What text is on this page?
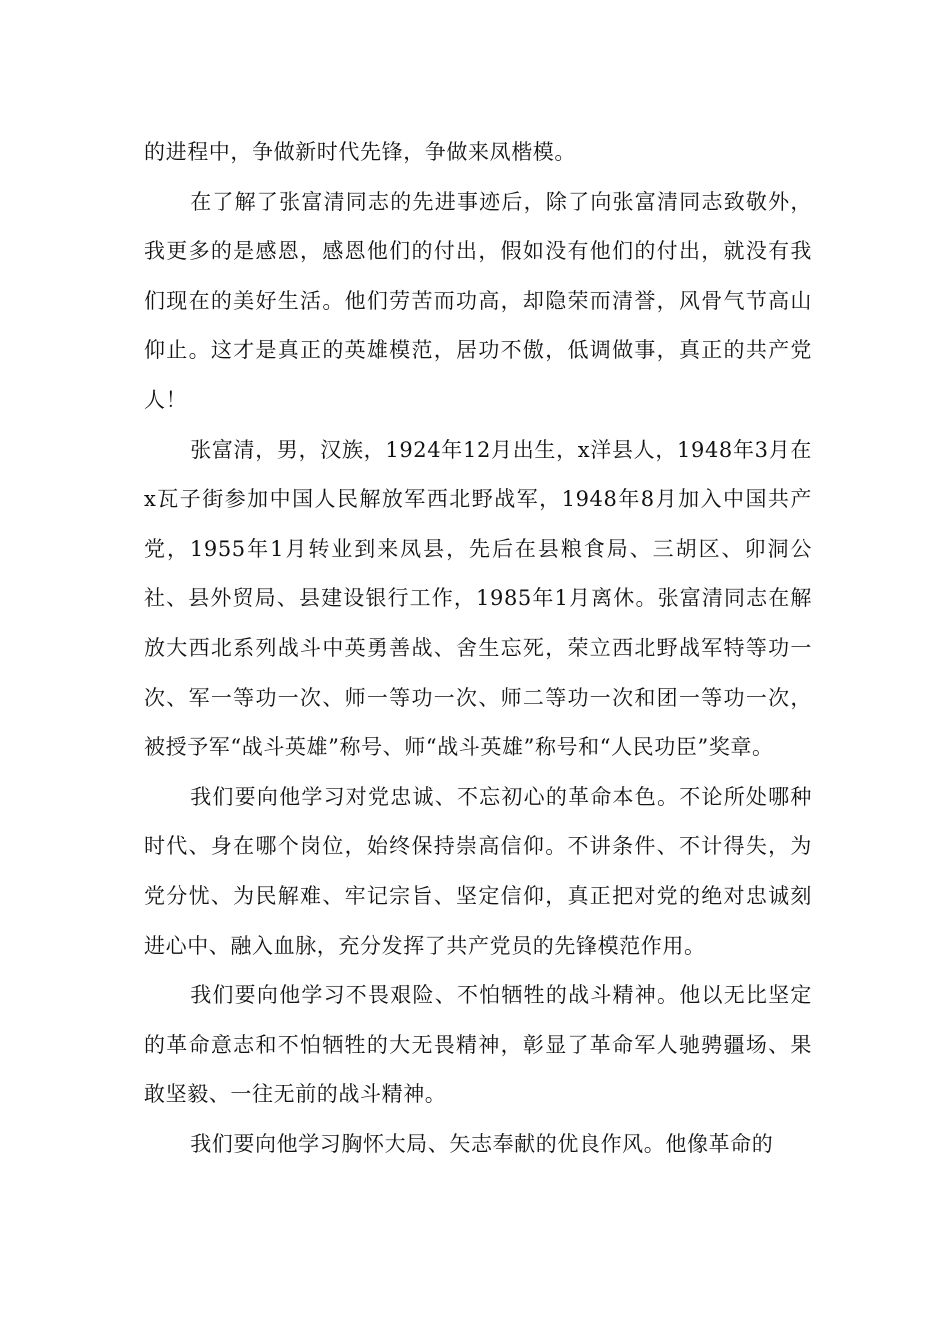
的进程中，争做新时代先锋，争做来凤楷模。

在了解了张富清同志的先进事迹后，除了向张富清同志致敬外，我更多的是感恩，感恩他们的付出，假如没有他们的付出，就没有我们现在的美好生活。他们劳苦而功高，却隐荣而清誉，风骨气节高山仰止。这才是真正的英雄模范，居功不傲，低调做事，真正的共产党人！

张富清，男，汉族，1924年12月出生，x洋县人，1948年3月在x瓦子街参加中国人民解放军西北野战军，1948年8月加入中国共产党，1955年1月转业到来凤县，先后在县粮食局、三胡区、卯洞公社、县外贸局、县建设银行工作，1985年1月离休。张富清同志在解放大西北系列战斗中英勇善战、舍生忘死，荣立西北野战军特等功一次、军一等功一次、师一等功一次、师二等功一次和团一等功一次，被授予军“战斗英雄”称号、师“战斗英雄”称号和“人民功臣”奖章。

我们要向他学习对党忠诚、不忘初心的革命本色。不论所处哪种时代、身在哪个岗位，始终保持崇高信仰。不讲条件、不计得失，为党分忧、为民解难、牢记宗旨、坚定信仰，真正把对党的绝对忠诚刻进心中、融入血脉，充分发挥了共产党员的先锋模范作用。

我们要向他学习不畏艰险、不怕牺牲的战斗精神。他以无比坚定的革命意志和不怕牺牲的大无畏精神，彰显了革命军人驰骋疆场、果敢坚毅、一往无前的战斗精神。

我们要向他学习胸怀大局、矢志奉献的优良作风。他像革命的
